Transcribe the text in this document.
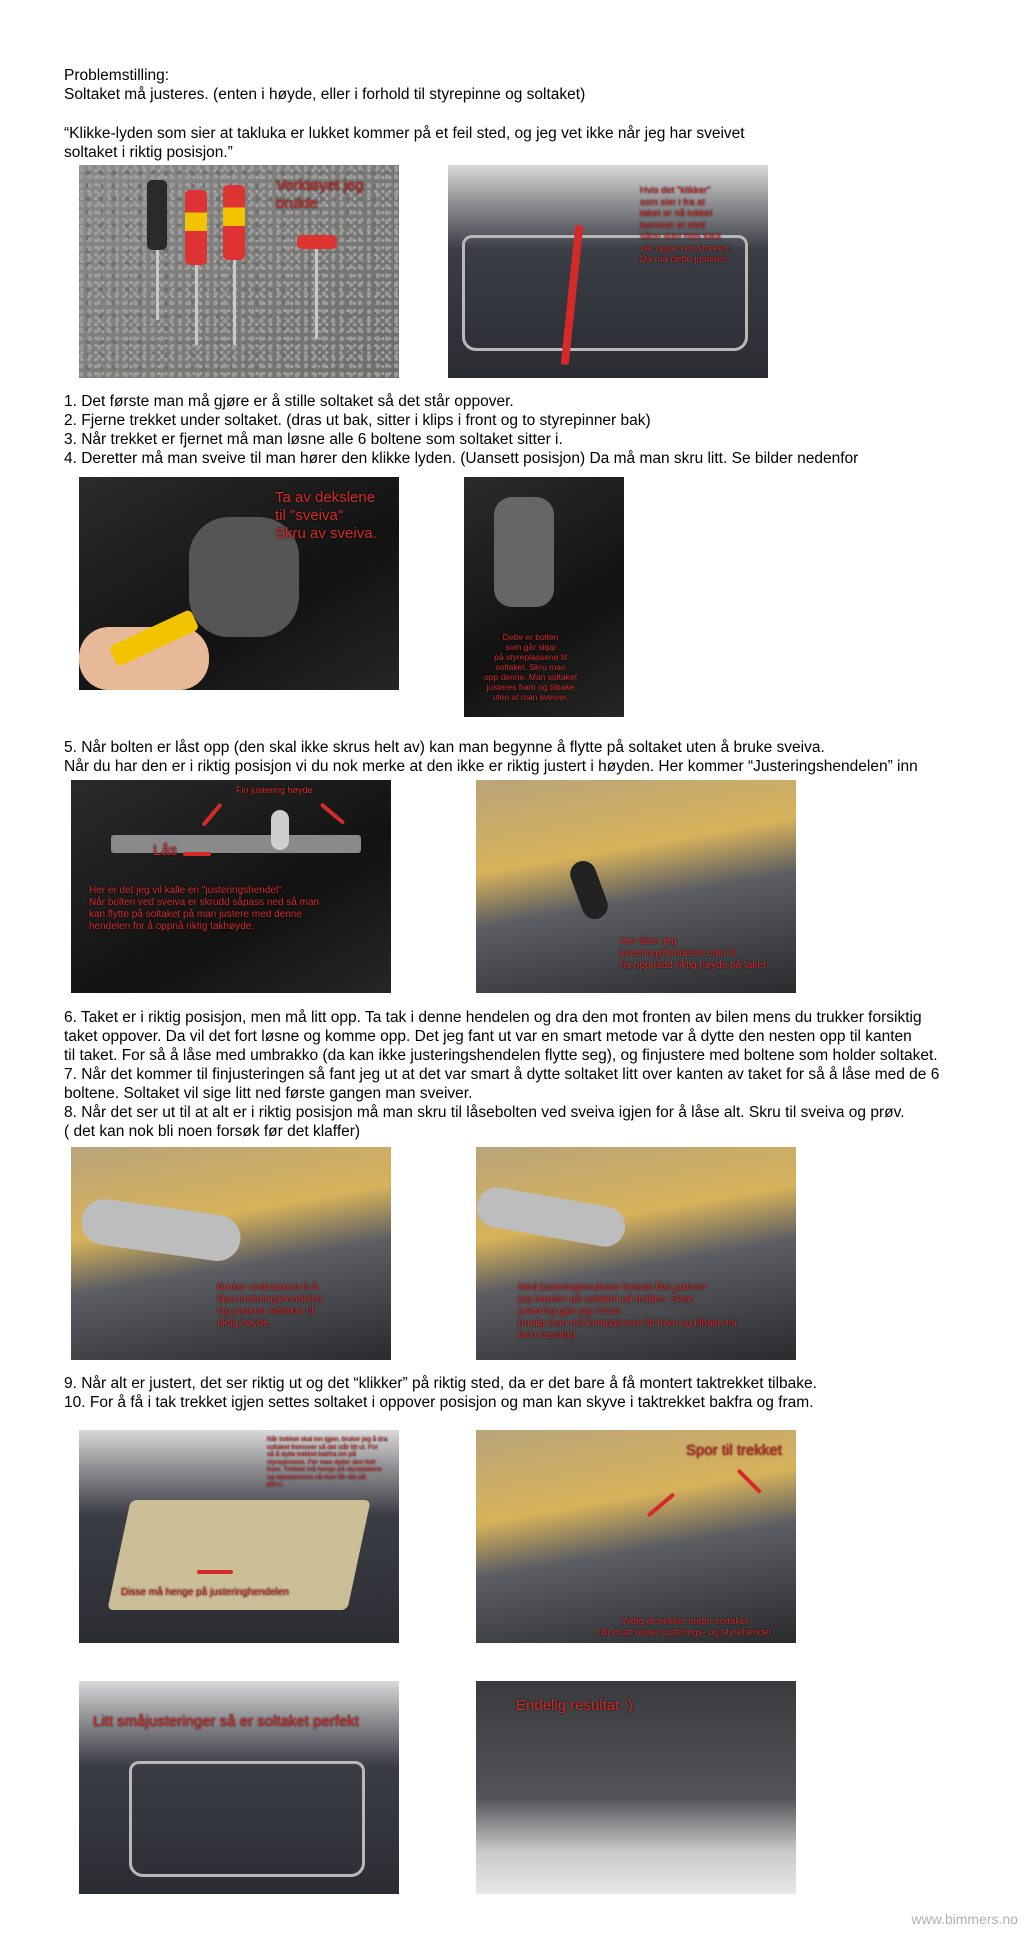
Problemstilling:

Soltaket må justeres. (enten i høyde, eller i forhold til styrepinne og soltaket)

“Klikke-lyden som sier at takluka er lukket kommer på et feil sted, og jeg vet ikke når jeg har sveivet

soltaket i riktig posisjon.”

Verktøyet jeg
brukte
Hvis det "klikker"
som sier i fra at
taket er nå lukket
kommer et sted
sånn som hvis luka
var oppe ved streken.
Da må dette justeres

1. Det første man må gjøre er å stille soltaket så det står oppover.

2. Fjerne trekket under soltaket. (dras ut bak, sitter i klips i front og to styrepinner bak)

3. Når trekket er fjernet må man løsne alle 6 boltene som soltaket sitter i.

4. Deretter må man sveive til man hører den klikke lyden. (Uansett posisjon) Da må man skru litt. Se bilder nedenfor

Ta av dekslene
til "sveiva"
Skru av sveiva.
Dette er bolten
som går slipp
på styreplassene til
soltaket. Skru man
opp denne. Man soltaket
justeres fram og tilbake
uten at man sveiver.

5. Når bolten er låst opp (den skal ikke skrus helt av) kan man begynne å flytte på soltaket uten å bruke sveiva.

Når du har den er i riktig posisjon vi du nok merke at den ikke er riktig justert i høyden. Her kommer “Justeringshendelen” inn

Fin justering høyde
Lås
Her er det jeg vil kalle en "justeringshendel".
Når bolten ved sveiva er skrudd såpass ned så man
kan flytte på soltaket på man justere med denne
hendelen for å oppnå riktig takhøyde.
Her låser jeg
justeringshendelen etter å
ha oppnådd riktig høyde på taket

6. Taket er i riktig posisjon, men må litt opp. Ta tak i denne hendelen og dra den mot fronten av bilen mens du trukker forsiktig

taket oppover. Da vil det fort løsne og komme opp. Det jeg fant ut var en smart metode var å dytte den nesten opp til kanten

til taket. For så å låse med umbrakko (da kan ikke justeringshendelen flytte seg), og finjustere med boltene som holder soltaket.

7. Når det kommer til finjusteringen så fant jeg ut at det var smart å dytte soltaket litt over kanten av taket for så å låse med de 6

boltene. Soltaket vil sige litt ned første gangen man sveiver.

8. Når det ser ut til at alt er i riktig posisjon må man skru til låsebolten ved sveiva igjen for å låse alt. Skru til sveiva og prøv.

( det kan nok bli noen forsøk før det klaffer)

Bruker umbrakoen til å
låse justeringshendelen.
Og justerer soltaket til
riktig høyde.
Med justeringhendelen fortsatt låst justerer
jeg høyden på soltaket på midten. Siste
justering gjør jeg i front.
(mulig man må kompansere litt fram og tilbake for
best resultat)

9. Når alt er justert, det ser riktig ut og det “klikker” på riktig sted, da er det bare å få montert taktrekket tilbake.

10. For å få i tak trekket igjen settes soltaket i oppover posisjon og man kan skyve i taktrekket bakfra og fram.

Når trekket skal inn igjen, bruker jeg å dra
soltaket fremover så det står litt ut. For
så å dytte trekket bakfra inn på
styrepinnene. Før man dytter den helt
fram. Trekket må henge på styreplatene
og styrepinnene så man får det på
plass.
Disse må henge på justeringhendelen
Spor til trekket
Viktig at trekket under soltaket
blir dratt under justerings- og styrehendel
Litt småjusteringer så er soltaket perfekt
Endelig resultat :)
www.bimmers.no
